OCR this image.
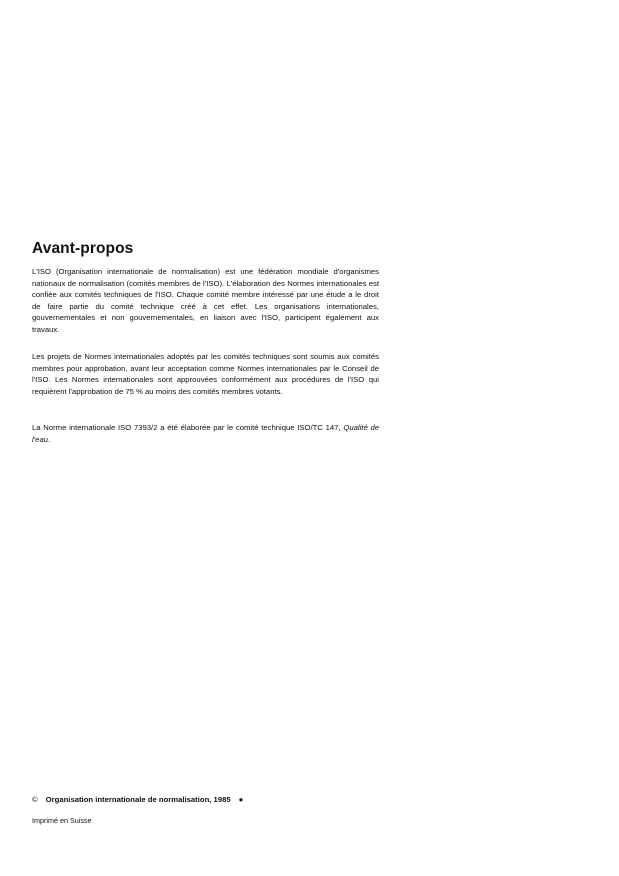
Avant-propos

L'ISO (Organisation internationale de normalisation) est une fédération mondiale d'organismes nationaux de normalisation (comités membres de l'ISO). L'élaboration des Normes internationales est confiée aux comités techniques de l'ISO. Chaque comité membre intéressé par une étude a le droit de faire partie du comité technique créé à cet effet. Les organisations internationales, gouvernementales et non gouvernementales, en liaison avec l'ISO, participent également aux travaux.

Les projets de Normes internationales adoptés par les comités techniques sont soumis aux comités membres pour approbation, avant leur acceptation comme Normes internationales par le Conseil de l'ISO. Les Normes internationales sont approuvées conformément aux procédures de l'ISO qui requièrent l'approbation de 75 % au moins des comités membres votants.

La Norme internationale ISO 7393/2 a été élaborée par le comité technique ISO/TC 147, Qualité de l'eau.

© Organisation internationale de normalisation, 1985 ●
Imprimé en Suisse
